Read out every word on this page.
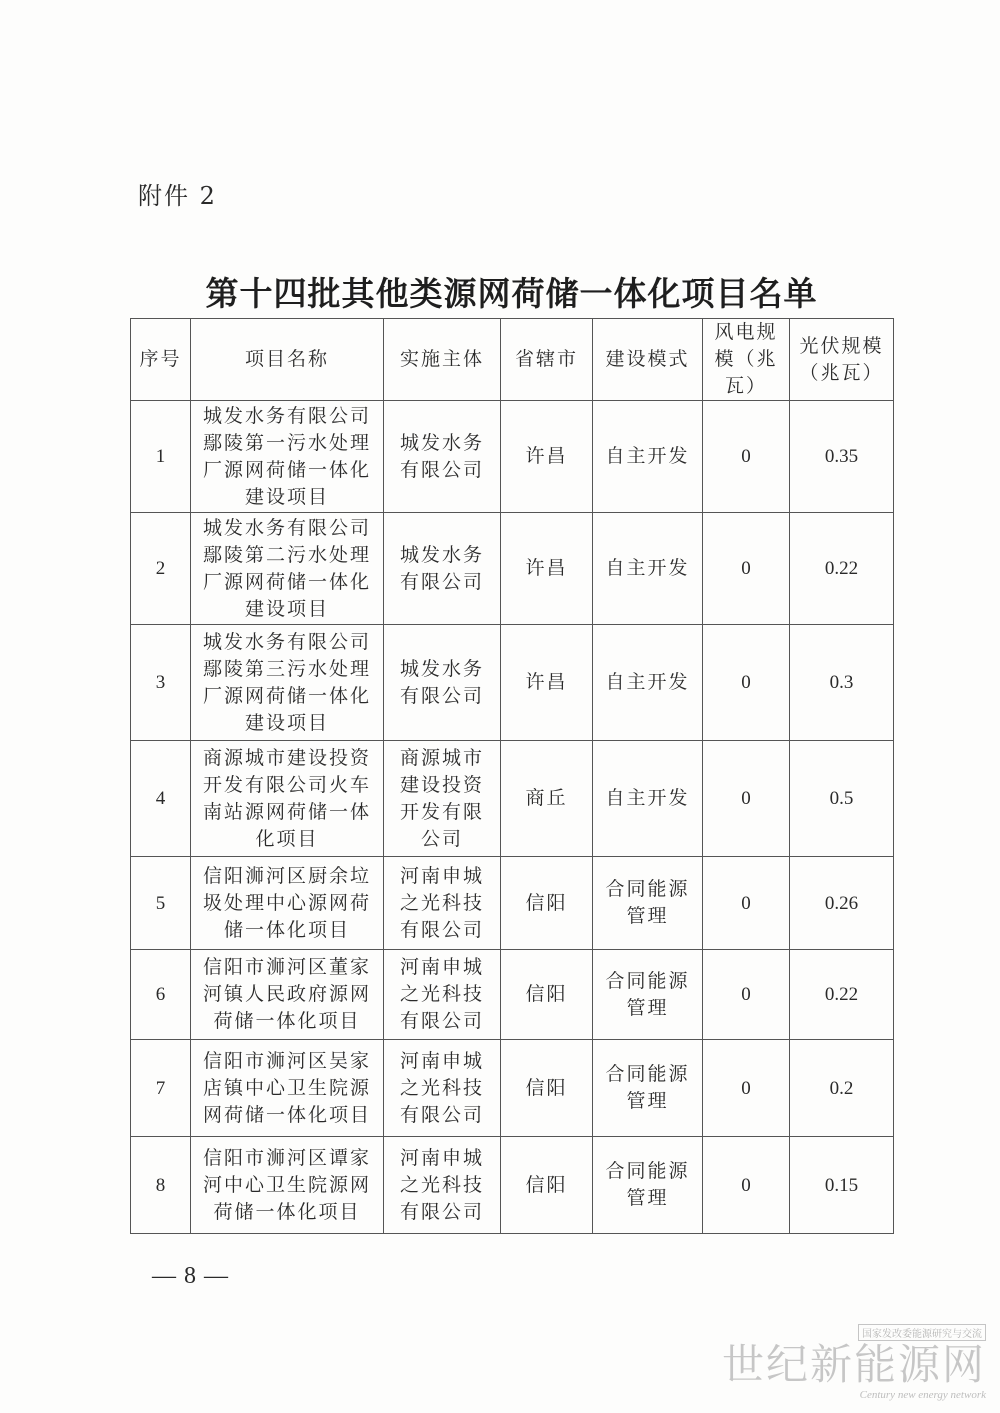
附件 2
第十四批其他类源网荷储一体化项目名单
序号	项目名称	实施主体	省辖市	建设模式	风电规模（兆瓦）	光伏规模（兆瓦）
1	城发水务有限公司鄢陵第一污水处理厂源网荷储一体化建设项目	城发水务有限公司	许昌	自主开发	0	0.35
2	城发水务有限公司鄢陵第二污水处理厂源网荷储一体化建设项目	城发水务有限公司	许昌	自主开发	0	0.22
3	城发水务有限公司鄢陵第三污水处理厂源网荷储一体化建设项目	城发水务有限公司	许昌	自主开发	0	0.3
4	商源城市建设投资开发有限公司火车南站源网荷储一体化项目	商源城市建设投资开发有限公司	商丘	自主开发	0	0.5
5	信阳浉河区厨余垃圾处理中心源网荷储一体化项目	河南申城之光科技有限公司	信阳	合同能源管理	0	0.26
6	信阳市浉河区董家河镇人民政府源网荷储一体化项目	河南申城之光科技有限公司	信阳	合同能源管理	0	0.22
7	信阳市浉河区吴家店镇中心卫生院源网荷储一体化项目	河南申城之光科技有限公司	信阳	合同能源管理	0	0.2
8	信阳市浉河区谭家河中心卫生院源网荷储一体化项目	河南申城之光科技有限公司	信阳	合同能源管理	0	0.15
— 8 —
国家发改委能源研究与交流
世纪新能源网
Century new energy network
